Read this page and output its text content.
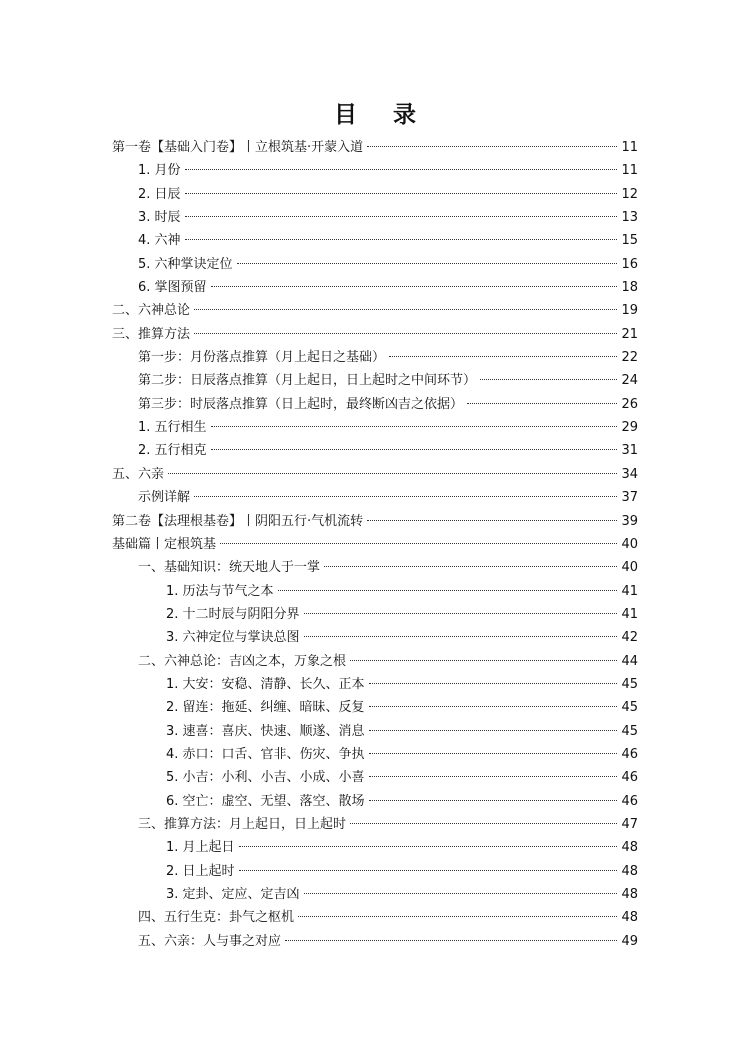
目 录
第一卷【基础入门卷】丨立根筑基·开蒙入道	11
1. 月份	11
2. 日辰	12
3. 时辰	13
4. 六神	15
5. 六种掌诀定位	16
6. 掌图预留	18
二、六神总论	19
三、推算方法	21
第一步：月份落点推算（月上起日之基础）	22
第二步：日辰落点推算（月上起日，日上起时之中间环节）	24
第三步：时辰落点推算（日上起时，最终断凶吉之依据）	26
1. 五行相生	29
2. 五行相克	31
五、六亲	34
示例详解	37
第二卷【法理根基卷】丨阴阳五行·气机流转	39
基础篇丨定根筑基	40
一、基础知识：统天地人于一掌	40
1. 历法与节气之本	41
2. 十二时辰与阴阳分界	41
3. 六神定位与掌诀总图	42
二、六神总论：吉凶之本，万象之根	44
1. 大安：安稳、清静、长久、正本	45
2. 留连：拖延、纠缠、暗昧、反复	45
3. 速喜：喜庆、快速、顺遂、消息	45
4. 赤口：口舌、官非、伤灾、争执	46
5. 小吉：小利、小吉、小成、小喜	46
6. 空亡：虚空、无望、落空、散场	46
三、推算方法：月上起日，日上起时	47
1. 月上起日	48
2. 日上起时	48
3. 定卦、定应、定吉凶	48
四、五行生克：卦气之枢机	48
五、六亲：人与事之对应	49
